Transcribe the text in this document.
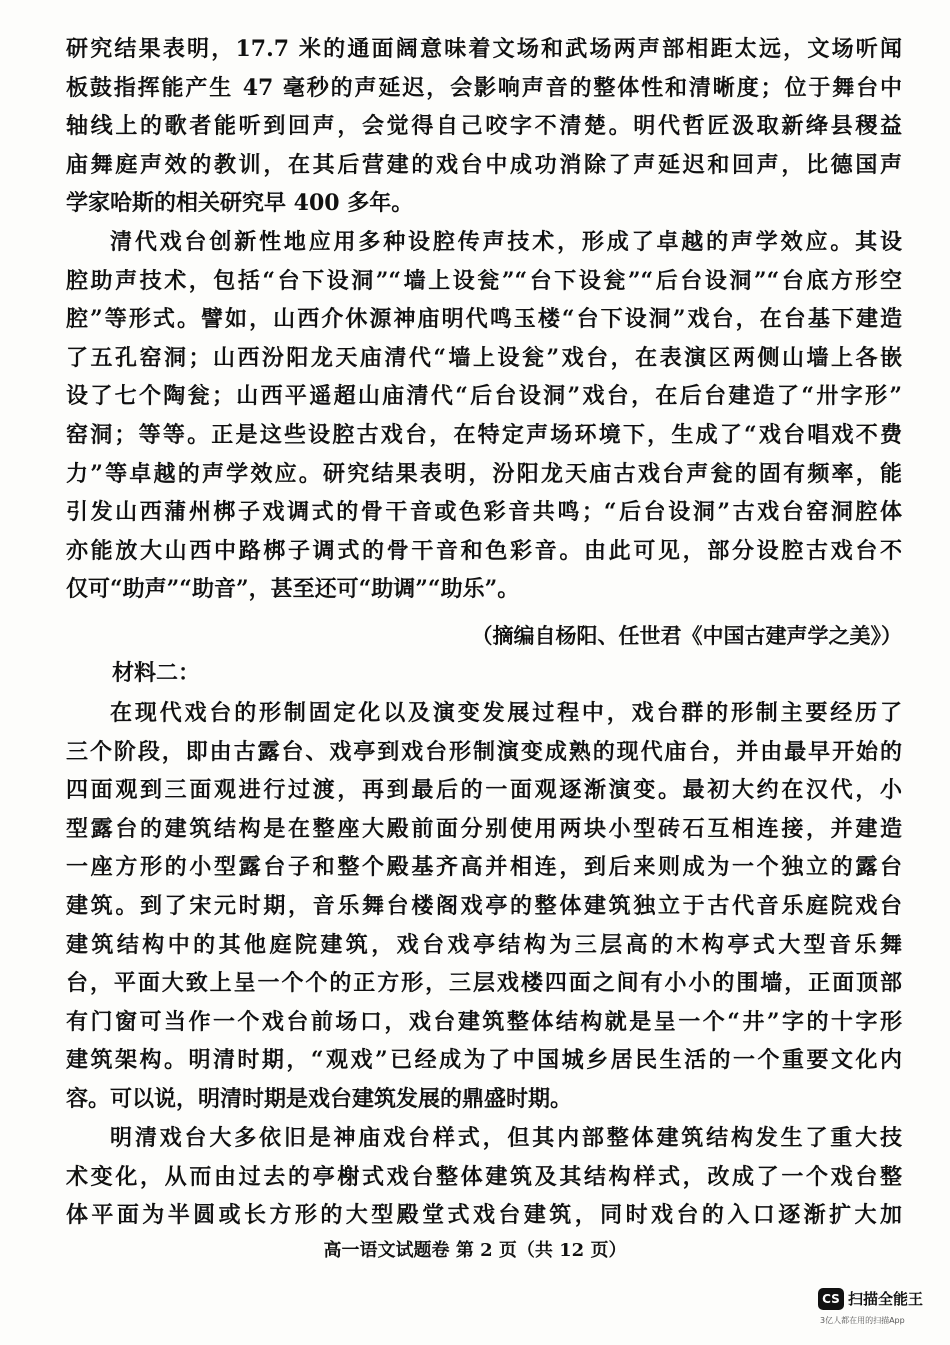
研究结果表明，17.7 米的通面阔意味着文场和武场两声部相距太远，文场听闻
板鼓指挥能产生 47 毫秒的声延迟，会影响声音的整体性和清晰度；位于舞台中
轴线上的歌者能听到回声，会觉得自己咬字不清楚。明代哲匠汲取新绛县稷益
庙舞庭声效的教训，在其后营建的戏台中成功消除了声延迟和回声，比德国声
学家哈斯的相关研究早 400 多年。
清代戏台创新性地应用多种设腔传声技术，形成了卓越的声学效应。其设
腔助声技术，包括“台下设洞”“墙上设瓮”“台下设瓮”“后台设洞”“台底方形空
腔”等形式。譬如，山西介休源神庙明代鸣玉楼“台下设洞”戏台，在台基下建造
了五孔窑洞；山西汾阳龙天庙清代“墙上设瓮”戏台，在表演区两侧山墙上各嵌
设了七个陶瓮；山西平遥超山庙清代“后台设洞”戏台，在后台建造了“卅字形”
窑洞；等等。正是这些设腔古戏台，在特定声场环境下，生成了“戏台唱戏不费
力”等卓越的声学效应。研究结果表明，汾阳龙天庙古戏台声瓮的固有频率，能
引发山西蒲州梆子戏调式的骨干音或色彩音共鸣；“后台设洞”古戏台窑洞腔体
亦能放大山西中路梆子调式的骨干音和色彩音。由此可见，部分设腔古戏台不
仅可“助声”“助音”，甚至还可“助调”“助乐”。
（摘编自杨阳、任世君《中国古建声学之美》）
材料二：
在现代戏台的形制固定化以及演变发展过程中，戏台群的形制主要经历了
三个阶段，即由古露台、戏亭到戏台形制演变成熟的现代庙台，并由最早开始的
四面观到三面观进行过渡，再到最后的一面观逐渐演变。最初大约在汉代，小
型露台的建筑结构是在整座大殿前面分别使用两块小型砖石互相连接，并建造
一座方形的小型露台子和整个殿基齐高并相连，到后来则成为一个独立的露台
建筑。到了宋元时期，音乐舞台楼阁戏亭的整体建筑独立于古代音乐庭院戏台
建筑结构中的其他庭院建筑，戏台戏亭结构为三层高的木构亭式大型音乐舞
台，平面大致上呈一个个的正方形，三层戏楼四面之间有小小的围墙，正面顶部
有门窗可当作一个戏台前场口，戏台建筑整体结构就是呈一个“井”字的十字形
建筑架构。明清时期，“观戏”已经成为了中国城乡居民生活的一个重要文化内
容。可以说，明清时期是戏台建筑发展的鼎盛时期。
明清戏台大多依旧是神庙戏台样式，但其内部整体建筑结构发生了重大技
术变化，从而由过去的亭榭式戏台整体建筑及其结构样式，改成了一个戏台整
体平面为半圆或长方形的大型殿堂式戏台建筑，同时戏台的入口逐渐扩大加
高一语文试题卷 第 2 页（共 12 页）
CS 扫描全能王
3亿人都在用的扫描App
